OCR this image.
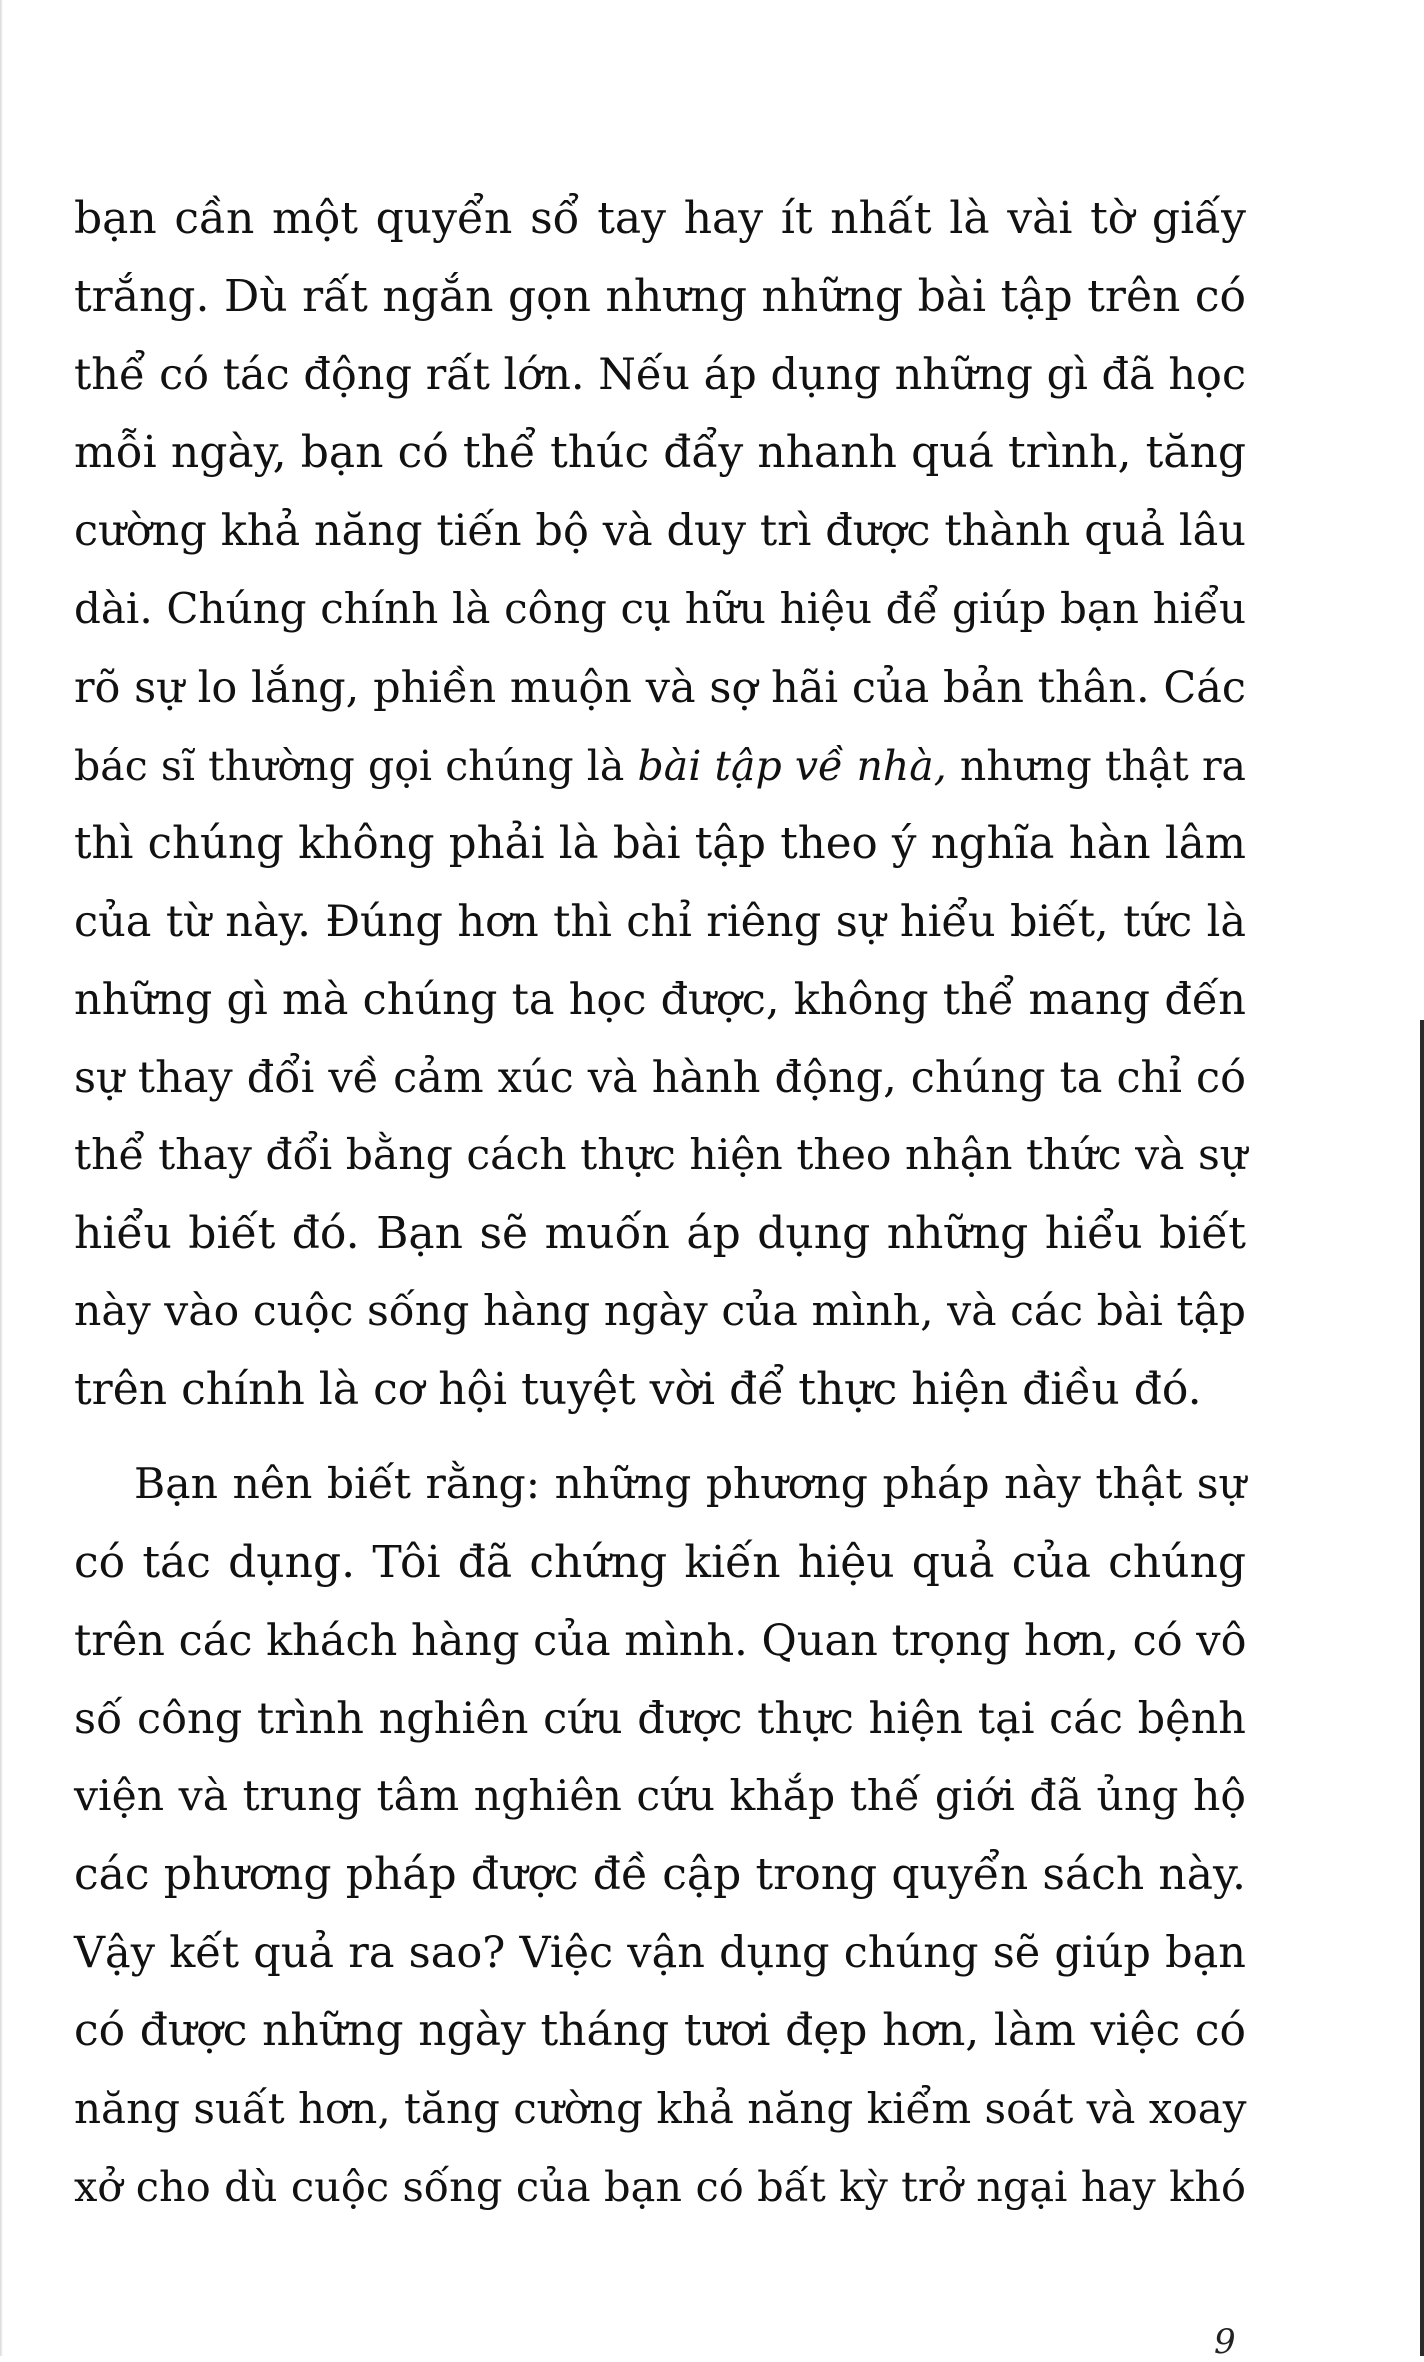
bạn cần một quyển sổ tay hay ít nhất là vài tờ giấy
trắng. Dù rất ngắn gọn nhưng những bài tập trên có
thể có tác động rất lớn. Nếu áp dụng những gì đã học
mỗi ngày, bạn có thể thúc đẩy nhanh quá trình, tăng
cường khả năng tiến bộ và duy trì được thành quả lâu
dài. Chúng chính là công cụ hữu hiệu để giúp bạn hiểu
rõ sự lo lắng, phiền muộn và sợ hãi của bản thân. Các
bác sĩ thường gọi chúng là bài tập về nhà, nhưng thật ra
thì chúng không phải là bài tập theo ý nghĩa hàn lâm
của từ này. Đúng hơn thì chỉ riêng sự hiểu biết, tức là
những gì mà chúng ta học được, không thể mang đến
sự thay đổi về cảm xúc và hành động, chúng ta chỉ có
thể thay đổi bằng cách thực hiện theo nhận thức và sự
hiểu biết đó. Bạn sẽ muốn áp dụng những hiểu biết
này vào cuộc sống hàng ngày của mình, và các bài tập
trên chính là cơ hội tuyệt vời để thực hiện điều đó.
Bạn nên biết rằng: những phương pháp này thật sự
có tác dụng. Tôi đã chứng kiến hiệu quả của chúng
trên các khách hàng của mình. Quan trọng hơn, có vô
số công trình nghiên cứu được thực hiện tại các bệnh
viện và trung tâm nghiên cứu khắp thế giới đã ủng hộ
các phương pháp được đề cập trong quyển sách này.
Vậy kết quả ra sao? Việc vận dụng chúng sẽ giúp bạn
có được những ngày tháng tươi đẹp hơn, làm việc có
năng suất hơn, tăng cường khả năng kiểm soát và xoay
xở cho dù cuộc sống của bạn có bất kỳ trở ngại hay khó
9
